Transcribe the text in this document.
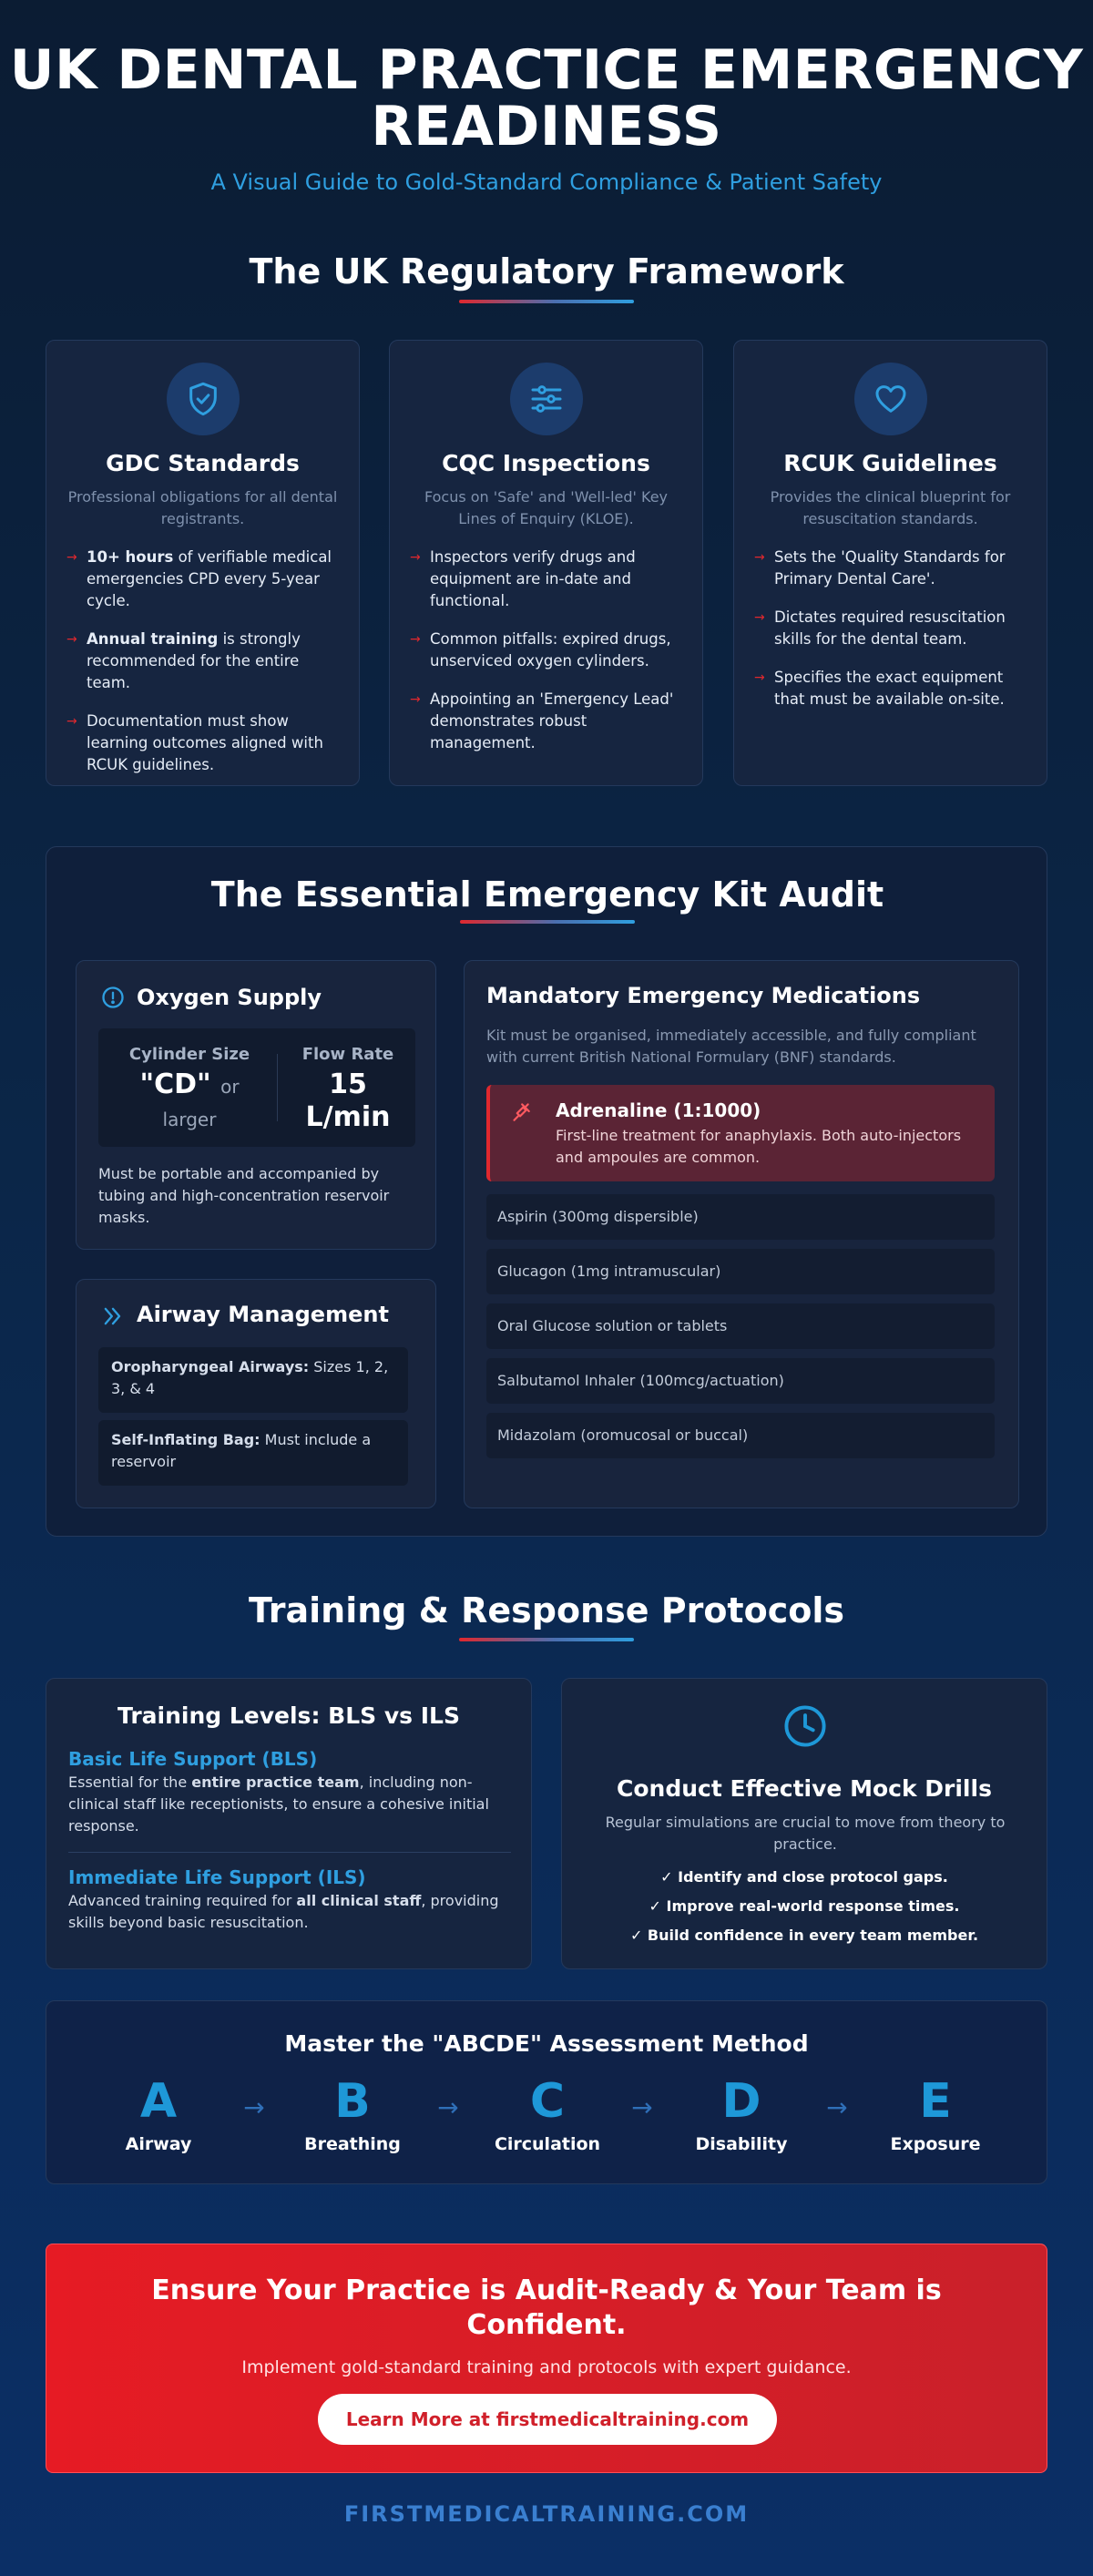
UK DENTAL PRACTICE EMERGENCY
READINESS
A Visual Guide to Gold-Standard Compliance & Patient Safety
The UK Regulatory Framework
GDC Standards
Professional obligations for all dental registrants.
→ 10+ hours of verifiable medical emergencies CPD every 5-year cycle.
→ Annual training is strongly recommended for the entire team.
→ Documentation must show learning outcomes aligned with RCUK guidelines.
CQC Inspections
Focus on 'Safe' and 'Well-led' Key Lines of Enquiry (KLOE).
→ Inspectors verify drugs and equipment are in-date and functional.
→ Common pitfalls: expired drugs, unserviced oxygen cylinders.
→ Appointing an 'Emergency Lead' demonstrates robust management.
RCUK Guidelines
Provides the clinical blueprint for resuscitation standards.
→ Sets the 'Quality Standards for Primary Dental Care'.
→ Dictates required resuscitation skills for the dental team.
→ Specifies the exact equipment that must be available on-site.
The Essential Emergency Kit Audit
Oxygen Supply
Cylinder Size
"CD" or
larger
Flow Rate
15
L/min
Must be portable and accompanied by tubing and high-concentration reservoir masks.
Airway Management
Oropharyngeal Airways: Sizes 1, 2, 3, & 4
Self-Inflating Bag: Must include a reservoir
Mandatory Emergency Medications
Kit must be organised, immediately accessible, and fully compliant with current British National Formulary (BNF) standards.
Adrenaline (1:1000)
First-line treatment for anaphylaxis. Both auto-injectors and ampoules are common.
Aspirin (300mg dispersible)
Glucagon (1mg intramuscular)
Oral Glucose solution or tablets
Salbutamol Inhaler (100mcg/actuation)
Midazolam (oromucosal or buccal)
Training & Response Protocols
Training Levels: BLS vs ILS
Basic Life Support (BLS)
Essential for the entire practice team, including non-clinical staff like receptionists, to ensure a cohesive initial response.
Immediate Life Support (ILS)
Advanced training required for all clinical staff, providing skills beyond basic resuscitation.
Conduct Effective Mock Drills
Regular simulations are crucial to move from theory to practice.
✓ Identify and close protocol gaps.
✓ Improve real-world response times.
✓ Build confidence in every team member.
Master the "ABCDE" Assessment Method
A
Airway
→	B
Breathing
→	C
Circulation
→	D
Disability
→	E
Exposure
Ensure Your Practice is Audit-Ready & Your Team is
Confident.
Implement gold-standard training and protocols with expert guidance.
Learn More at firstmedicaltraining.com
FIRSTMEDICALTRAINING.COM
